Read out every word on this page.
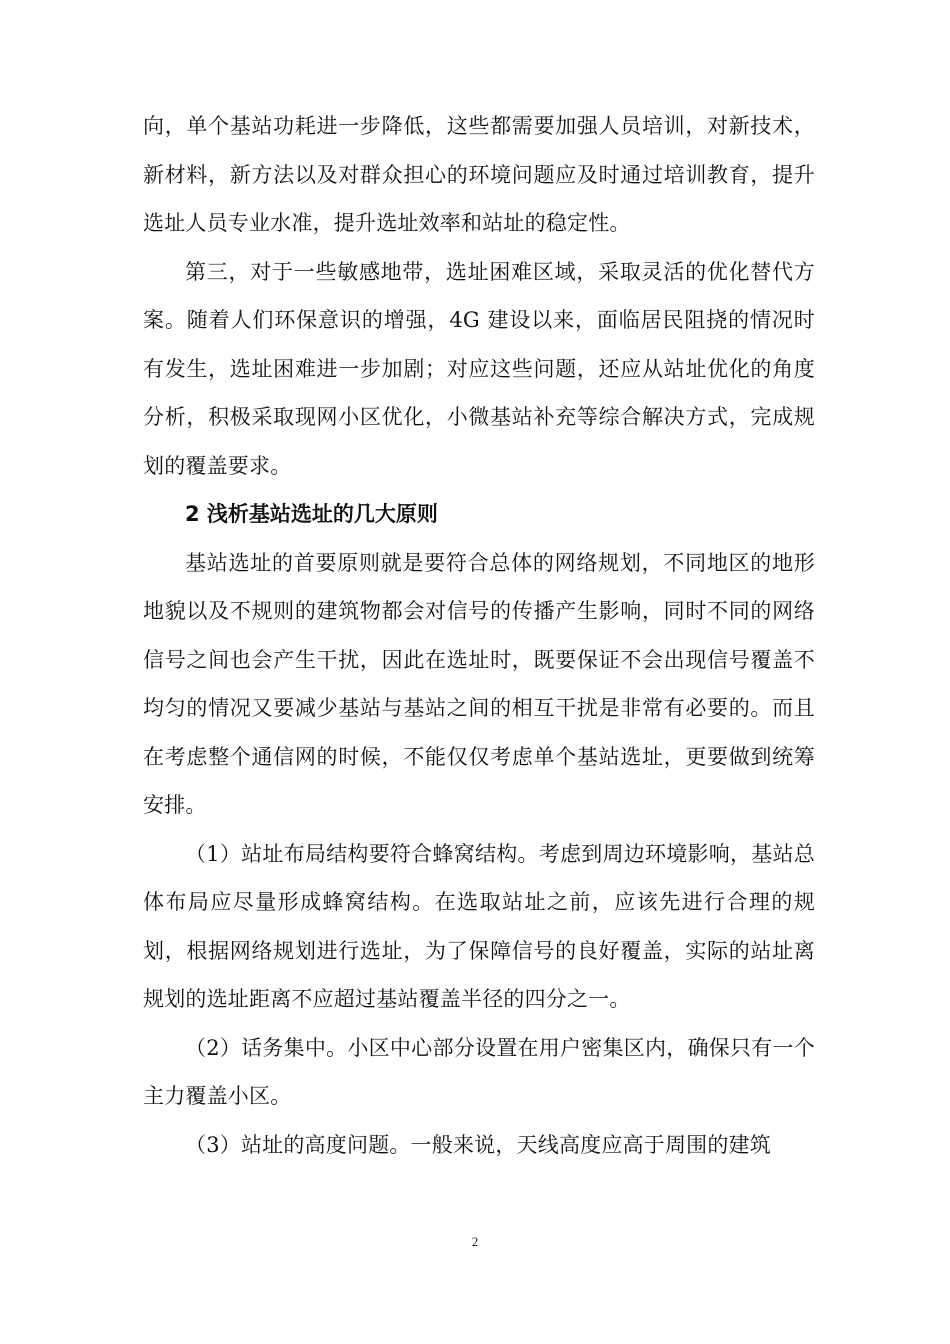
向，单个基站功耗进一步降低，这些都需要加强人员培训，对新技术，新材料，新方法以及对群众担心的环境问题应及时通过培训教育，提升选址人员专业水准，提升选址效率和站址的稳定性。

第三，对于一些敏感地带，选址困难区域，采取灵活的优化替代方案。随着人们环保意识的增强，4G 建设以来，面临居民阻挠的情况时有发生，选址困难进一步加剧；对应这些问题，还应从站址优化的角度分析，积极采取现网小区优化，小微基站补充等综合解决方式，完成规划的覆盖要求。

2 浅析基站选址的几大原则

基站选址的首要原则就是要符合总体的网络规划，不同地区的地形地貌以及不规则的建筑物都会对信号的传播产生影响，同时不同的网络信号之间也会产生干扰，因此在选址时，既要保证不会出现信号覆盖不均匀的情况又要减少基站与基站之间的相互干扰是非常有必要的。而且在考虑整个通信网的时候，不能仅仅考虑单个基站选址，更要做到统筹安排。

（1）站址布局结构要符合蜂窝结构。考虑到周边环境影响，基站总体布局应尽量形成蜂窝结构。在选取站址之前，应该先进行合理的规划，根据网络规划进行选址，为了保障信号的良好覆盖，实际的站址离规划的选址距离不应超过基站覆盖半径的四分之一。

（2）话务集中。小区中心部分设置在用户密集区内，确保只有一个主力覆盖小区。

（3）站址的高度问题。一般来说，天线高度应高于周围的建筑

2
